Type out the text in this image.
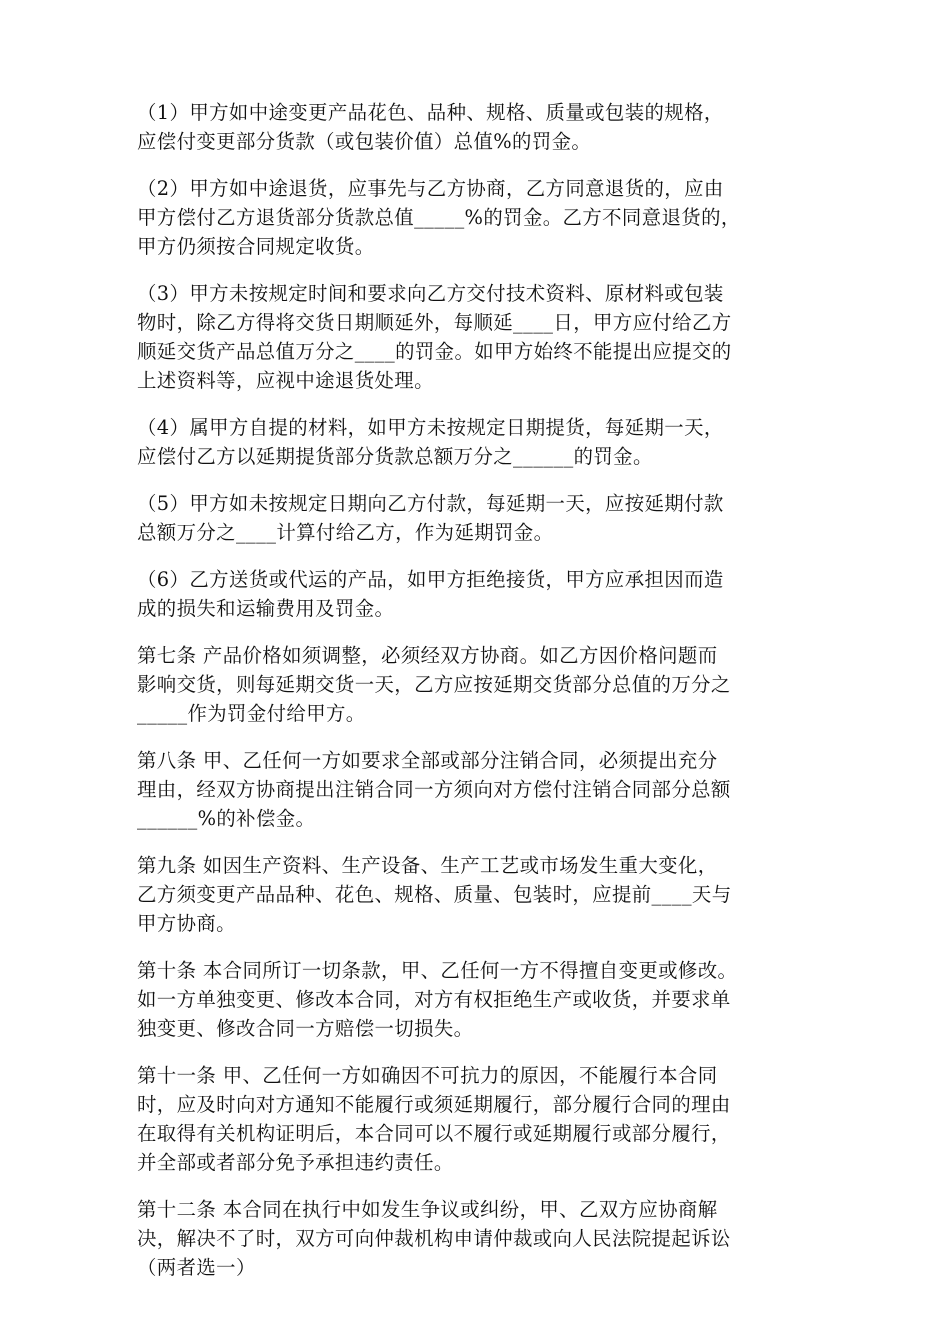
（1）甲方如中途变更产品花色、品种、规格、质量或包装的规格，
应偿付变更部分货款（或包装价值）总值%的罚金。
（2）甲方如中途退货，应事先与乙方协商，乙方同意退货的，应由
甲方偿付乙方退货部分货款总值_____%的罚金。乙方不同意退货的，
甲方仍须按合同规定收货。
（3）甲方未按规定时间和要求向乙方交付技术资料、原材料或包装
物时，除乙方得将交货日期顺延外，每顺延____日，甲方应付给乙方
顺延交货产品总值万分之____的罚金。如甲方始终不能提出应提交的
上述资料等，应视中途退货处理。
（4）属甲方自提的材料，如甲方未按规定日期提货，每延期一天，
应偿付乙方以延期提货部分货款总额万分之______的罚金。
（5）甲方如未按规定日期向乙方付款，每延期一天，应按延期付款
总额万分之____计算付给乙方，作为延期罚金。
（6）乙方送货或代运的产品，如甲方拒绝接货，甲方应承担因而造
成的损失和运输费用及罚金。
第七条 产品价格如须调整，必须经双方协商。如乙方因价格问题而
影响交货，则每延期交货一天，乙方应按延期交货部分总值的万分之
_____作为罚金付给甲方。
第八条 甲、乙任何一方如要求全部或部分注销合同，必须提出充分
理由，经双方协商提出注销合同一方须向对方偿付注销合同部分总额
______%的补偿金。
第九条 如因生产资料、生产设备、生产工艺或市场发生重大变化，
乙方须变更产品品种、花色、规格、质量、包装时，应提前____天与
甲方协商。
第十条 本合同所订一切条款，甲、乙任何一方不得擅自变更或修改。
如一方单独变更、修改本合同，对方有权拒绝生产或收货，并要求单
独变更、修改合同一方赔偿一切损失。
第十一条 甲、乙任何一方如确因不可抗力的原因，不能履行本合同
时，应及时向对方通知不能履行或须延期履行，部分履行合同的理由
在取得有关机构证明后，本合同可以不履行或延期履行或部分履行，
并全部或者部分免予承担违约责任。
第十二条 本合同在执行中如发生争议或纠纷，甲、乙双方应协商解
决，解决不了时，双方可向仲裁机构申请仲裁或向人民法院提起诉讼
（两者选一）
